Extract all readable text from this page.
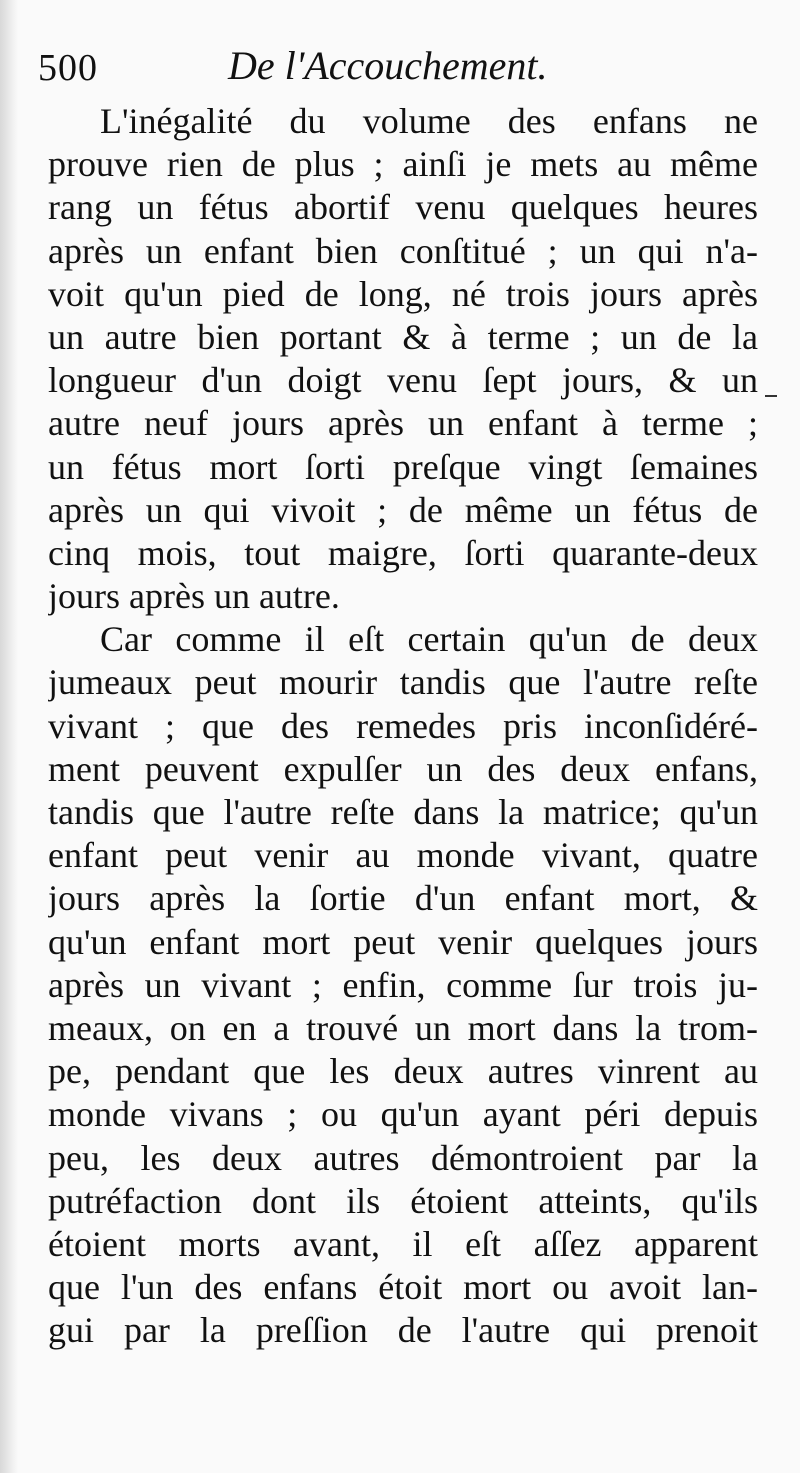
500	De l'Accouchement.
L'inégalité du volume des enfans ne
prouve rien de plus ; ainſi je mets au même
rang un fétus abortif venu quelques heures
après un enfant bien conſtitué ; un qui n'a-
voit qu'un pied de long, né trois jours après
un autre bien portant & à terme ; un de la
longueur d'un doigt venu ſept jours, & un
autre neuf jours après un enfant à terme ;
un fétus mort ſorti preſque vingt ſemaines
après un qui vivoit ; de même un fétus de
cinq mois, tout maigre, ſorti quarante-deux
jours après un autre.
Car comme il eſt certain qu'un de deux
jumeaux peut mourir tandis que l'autre reſte
vivant ; que des remedes pris inconſidéré-
ment peuvent expulſer un des deux enfans,
tandis que l'autre reſte dans la matrice; qu'un
enfant peut venir au monde vivant, quatre
jours après la ſortie d'un enfant mort, &
qu'un enfant mort peut venir quelques jours
après un vivant ; enfin, comme ſur trois ju-
meaux, on en a trouvé un mort dans la trom-
pe, pendant que les deux autres vinrent au
monde vivans ; ou qu'un ayant péri depuis
peu, les deux autres démontroient par la
putréfaction dont ils étoient atteints, qu'ils
étoient morts avant, il eſt aſſez apparent
que l'un des enfans étoit mort ou avoit lan-
gui par la preſſion de l'autre qui prenoit
